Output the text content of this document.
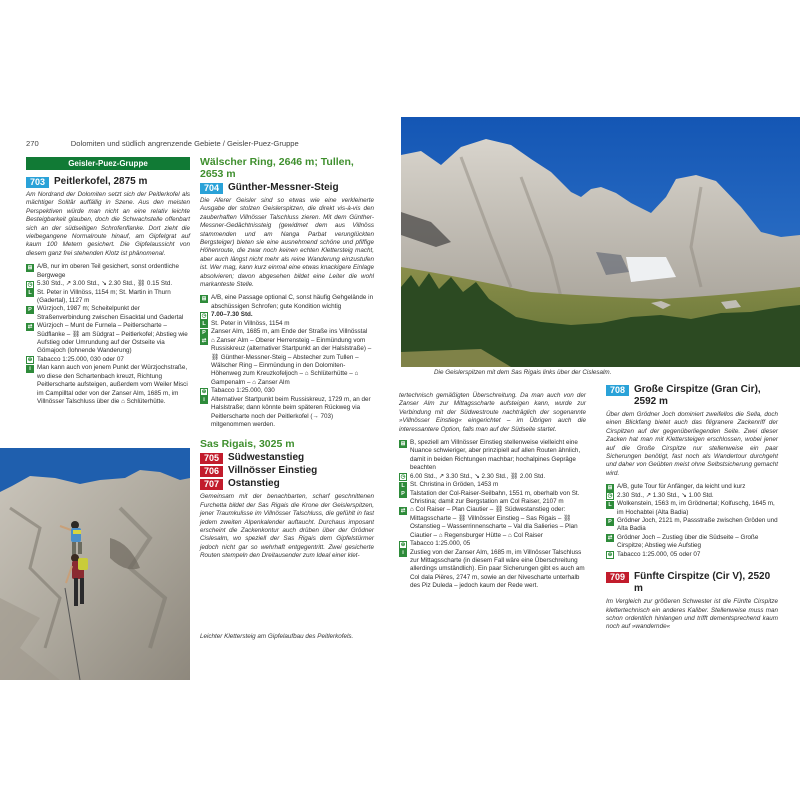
270	Dolomiten und südlich angrenzende Gebiete / Geisler-Puez-Gruppe
Geisler-Puez-Gruppe
703 Peitlerkofel, 2875 m

Am Nordrand der Dolomiten setzt sich der Peitlerkofel als mächtiger Solitär auffällig in Szene. Aus den meisten Perspektiven würde man nicht an eine relativ leichte Besteigbarkeit glauben, doch die Schwachstelle offenbart sich an der südseitigen Schrofenflanke. Dort zieht die vielbegangene Normalroute hinauf, am Gipfelgrat auf kaum 100 Metern gesichert. Die Gipfelaussicht von diesem ganz frei stehenden Klotz ist phänomenal.

⊞ A/B, nur im oberen Teil gesichert, sonst ordentliche Bergwege
◷ 5.30 Std., ↗ 3.00 Std., ↘ 2.30 Std., ⛓ 0.15 Std.
L St. Peter in Villnöss, 1154 m; St. Martin in Thurn (Gadertal), 1127 m
P Würzjoch, 1987 m; Scheitelpunkt der Straßenverbindung zwischen Eisacktal und Gadertal
⇄ Würzjoch – Munt de Furnela – Peitlerscharte – Südflanke – ⛓ am Südgrat – Peitlerkofel; Abstieg wie Aufstieg oder Umrundung auf der Ostseite via Gömajoch (lohnende Wanderung)
⊕ Tabacco 1:25.000, 030 oder 07
i Man kann auch von jenem Punkt der Würzjochstraße, wo diese den Schartenbach kreuzt, Richtung Peitlerscharte aufsteigen, außerdem vom Weiler Misci im Campilltal oder von der Zanser Alm, 1685 m, im Villnösser Talschluss über die ⌂ Schlüterhütte.
Wälscher Ring, 2646 m; Tullen, 2653 m
704 Günther-Messner-Steig

Die Aferer Geisler sind so etwas wie eine verkleinerte Ausgabe der stolzen Geislerspitzen, die direkt vis-à-vis den zauberhaften Villnösser Talschluss zieren. Mit dem Günther-Messner-Gedächtnissteig (gewidmet dem aus Villnöss stammenden und am Nanga Parbat verunglückten Bergsteiger) bieten sie eine ausnehmend schöne und pfiffige Höhenroute, die zwar noch keinen echten Klettersteig macht, aber auch längst nicht mehr als reine Wanderung einzustufen ist. Wer mag, kann kurz einmal eine etwas knackigere Einlage absolvieren; davon abgesehen bildet eine Leiter die wohl markanteste Stelle.

⊞ A/B, eine Passage optional C, sonst häufig Gehgelände in abschüssigen Schrofen; gute Kondition wichtig
◷ 7.00–7.30 Std.
L St. Peter in Villnöss, 1154 m
P Zanser Alm, 1685 m, am Ende der Straße ins Villnösstal
⇄ ⌂ Zanser Alm – Oberer Herrensteig – Einmündung vom Russiskreuz (alternativer Startpunkt an der Halslstraße) – ⛓ Günther-Messner-Steig – Abstecher zum Tullen – Wälscher Ring – Einmündung in den Dolomiten-Höhenweg zum Kreuzkofeljoch – ⌂ Schlüterhütte – ⌂ Gampenalm – ⌂ Zanser Alm
⊕ Tabacco 1:25.000, 030
i Alternativer Startpunkt beim Russiskreuz, 1729 m, an der Halslstraße; dann könnte beim späteren Rückweg via Peitlerscharte noch der Peitlerkofel (→ 703) mitgenommen werden.
Sas Rigais, 3025 m
705 Südwestanstieg
706 Villnösser Einstieg
707 Ostanstieg

Gemeinsam mit der benachbarten, scharf geschnittenen Furchetta bildet der Sas Rigais die Krone der Geislerspitzen, jener Traumkulisse im Villnösser Talschluss, die gefühlt in fast jedem zweiten Alpenkalender auftaucht. Durchaus imposant erscheint die Zackenkontur auch drüben über der Grödner Cislesalm, wo speziell der Sas Rigais dem Gipfelstürmer jedoch nicht gar so wehrhaft entgegentritt. Zwei gesicherte Routen stempeln den Dreitausender zum Ideal einer klet-

Leichter Klettersteig am Gipfelaufbau des Peitlerkofels.

Die Geislerspitzen mit dem Sas Rigais links über der Cislesalm.

tertechnisch gemäßigten Überschreitung. Da man auch von der Zanser Alm zur Mittagsscharte aufsteigen kann, wurde zur Verbindung mit der Südwestroute nachträglich der sogenannte »Villnösser Einstieg« eingerichtet – im Übrigen auch die interessantere Option, falls man auf der Südseite startet.

⊞ B, speziell am Villnösser Einstieg stellenweise vielleicht eine Nuance schwieriger, aber prinzipiell auf allen Routen ähnlich, damit in beiden Richtungen machbar; hochalpines Gepräge beachten
◷ 6.00 Std., ↗ 3.30 Std., ↘ 2.30 Std., ⛓ 2.00 Std.
L St. Christina in Gröden, 1453 m
P Talstation der Col-Raiser-Seilbahn, 1551 m, oberhalb von St. Christina; damit zur Bergstation am Col Raiser, 2107 m
⇄ ⌂ Col Raiser – Plan Ciautier – ⛓ Südwestanstieg oder: Mittagsscharte – ⛓ Villnösser Einstieg – Sas Rigais – ⛓ Ostanstieg – Wasserrinnenscharte – Val dla Salieries – Plan Ciautier – ⌂ Regensburger Hütte – ⌂ Col Raiser
⊕ Tabacco 1:25.000, 05
i Zustieg von der Zanser Alm, 1685 m, im Villnösser Talschluss zur Mittagsscharte (in diesem Fall wäre eine Überschreitung allerdings umständlich). Ein paar Sicherungen gibt es auch am Col dala Piëres, 2747 m, sowie an der Nivescharte unterhalb des Piz Duleda – jedoch kaum der Rede wert.
708 Große Cirspitze (Gran Cir), 2592 m

Über dem Grödner Joch dominiert zweifellos die Sella, doch einen Blickfang bietet auch das filigranere Zackenriff der Cirspitzen auf der gegenüberliegenden Seite. Zwei dieser Zacken hat man mit Klettersteigen erschlossen, wobei jener auf die Große Cirspitze nur stellenweise ein paar Sicherungen benötigt, fast noch als Wandertour durchgeht und daher von Geübten meist ohne Selbstsicherung gemacht wird.

⊞ A/B, gute Tour für Anfänger, da leicht und kurz
◷ 2.30 Std., ↗ 1.30 Std., ↘ 1.00 Std.
L Wolkenstein, 1563 m, im Grödnertal; Kolfuschg, 1645 m, im Hochabtei (Alta Badia)
P Grödner Joch, 2121 m, Passstraße zwischen Gröden und Alta Badia
⇄ Grödner Joch – Zustieg über die Südseite – Große Cirspitze; Abstieg wie Aufstieg
⊕ Tabacco 1:25.000, 05 oder 07
709 Fünfte Cirspitze (Cir V), 2520 m

Im Vergleich zur größeren Schwester ist die Fünfte Cirspitze klettertechnisch ein anderes Kaliber. Stellenweise muss man schon ordentlich hinlangen und trifft dementsprechend kaum noch auf »wandernde«
